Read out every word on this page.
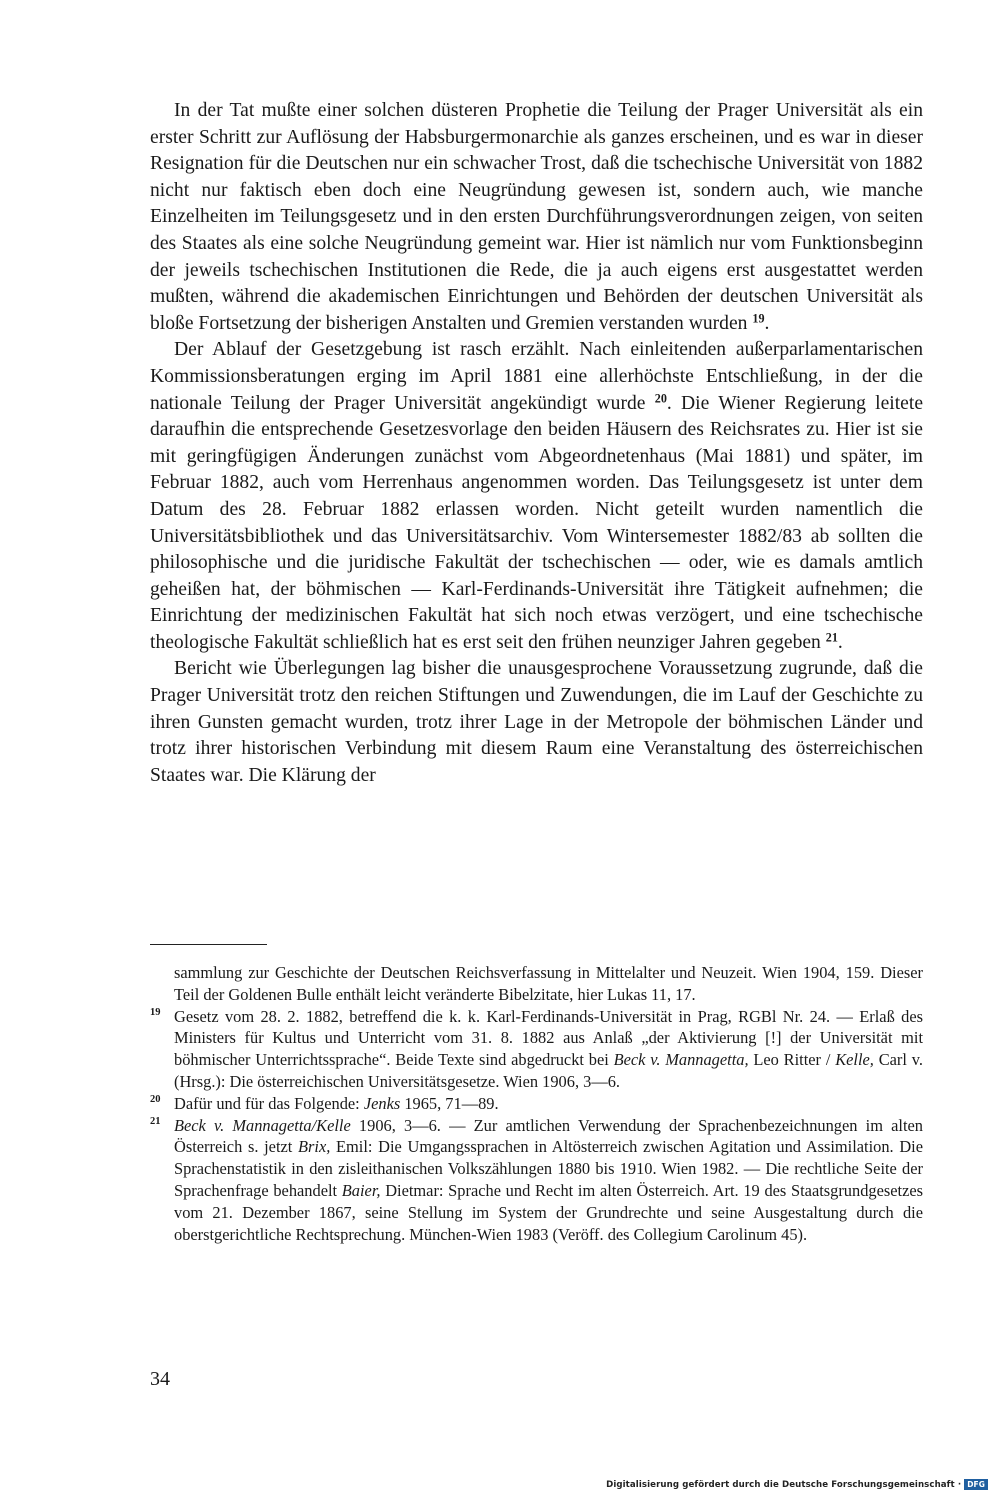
In der Tat mußte einer solchen düsteren Prophetie die Teilung der Prager Universität als ein erster Schritt zur Auflösung der Habsburgermonarchie als ganzes erscheinen, und es war in dieser Resignation für die Deutschen nur ein schwacher Trost, daß die tschechische Universität von 1882 nicht nur faktisch eben doch eine Neugründung gewesen ist, sondern auch, wie manche Einzelheiten im Teilungsgesetz und in den ersten Durchführungsverordnungen zeigen, von seiten des Staates als eine solche Neugründung gemeint war. Hier ist nämlich nur vom Funktionsbeginn der jeweils tschechischen Institutionen die Rede, die ja auch eigens erst ausgestattet werden mußten, während die akademischen Einrichtungen und Behörden der deutschen Universität als bloße Fortsetzung der bisherigen Anstalten und Gremien verstanden wurden $^{19}$.

Der Ablauf der Gesetzgebung ist rasch erzählt. Nach einleitenden außerparlamentarischen Kommissionsberatungen erging im April 1881 eine allerhöchste Entschließung, in der die nationale Teilung der Prager Universität angekündigt wurde $^{20}$. Die Wiener Regierung leitete daraufhin die entsprechende Gesetzesvorlage den beiden Häusern des Reichsrates zu. Hier ist sie mit geringfügigen Änderungen zunächst vom Abgeordnetenhaus (Mai 1881) und später, im Februar 1882, auch vom Herrenhaus angenommen worden. Das Teilungsgesetz ist unter dem Datum des 28. Februar 1882 erlassen worden. Nicht geteilt wurden namentlich die Universitätsbibliothek und das Universitätsarchiv. Vom Wintersemester 1882/83 ab sollten die philosophische und die juridische Fakultät der tschechischen — oder, wie es damals amtlich geheißen hat, der böhmischen — Karl-Ferdinands-Universität ihre Tätigkeit aufnehmen; die Einrichtung der medizinischen Fakultät hat sich noch etwas verzögert, und eine tschechische theologische Fakultät schließlich hat es erst seit den frühen neunziger Jahren gegeben $^{21}$.

Bericht wie Überlegungen lag bisher die unausgesprochene Voraussetzung zugrunde, daß die Prager Universität trotz den reichen Stiftungen und Zuwendungen, die im Lauf der Geschichte zu ihren Gunsten gemacht wurden, trotz ihrer Lage in der Metropole der böhmischen Länder und trotz ihrer historischen Verbindung mit diesem Raum eine Veranstaltung des österreichischen Staates war. Die Klärung der

sammlung zur Geschichte der Deutschen Reichsverfassung in Mittelalter und Neuzeit. Wien 1904, 159. Dieser Teil der Goldenen Bulle enthält leicht veränderte Bibelzitate, hier Lukas 11, 17.

19 Gesetz vom 28. 2. 1882, betreffend die k. k. Karl-Ferdinands-Universität in Prag, RGBl Nr. 24. — Erlaß des Ministers für Kultus und Unterricht vom 31. 8. 1882 aus Anlaß „der Aktivierung [!] der Universität mit böhmischer Unterrichtssprache“. Beide Texte sind abgedruckt bei Beck v. Mannagetta, Leo Ritter / Kelle, Carl v. (Hrsg.): Die österreichischen Universitätsgesetze. Wien 1906, 3—6.

20 Dafür und für das Folgende: Jenks 1965, 71—89.

21 Beck v. Mannagetta/Kelle 1906, 3—6. — Zur amtlichen Verwendung der Sprachenbezeichnungen im alten Österreich s. jetzt Brix, Emil: Die Umgangssprachen in Altösterreich zwischen Agitation und Assimilation. Die Sprachenstatistik in den zisleithanischen Volkszählungen 1880 bis 1910. Wien 1982. — Die rechtliche Seite der Sprachenfrage behandelt Baier, Dietmar: Sprache und Recht im alten Österreich. Art. 19 des Staatsgrundgesetzes vom 21. Dezember 1867, seine Stellung im System der Grundrechte und seine Ausgestaltung durch die oberstgerichtliche Rechtsprechung. München-Wien 1983 (Veröff. des Collegium Carolinum 45).

34
Digitalisierung gefördert durch die Deutsche Forschungsgemeinschaft · DFG
